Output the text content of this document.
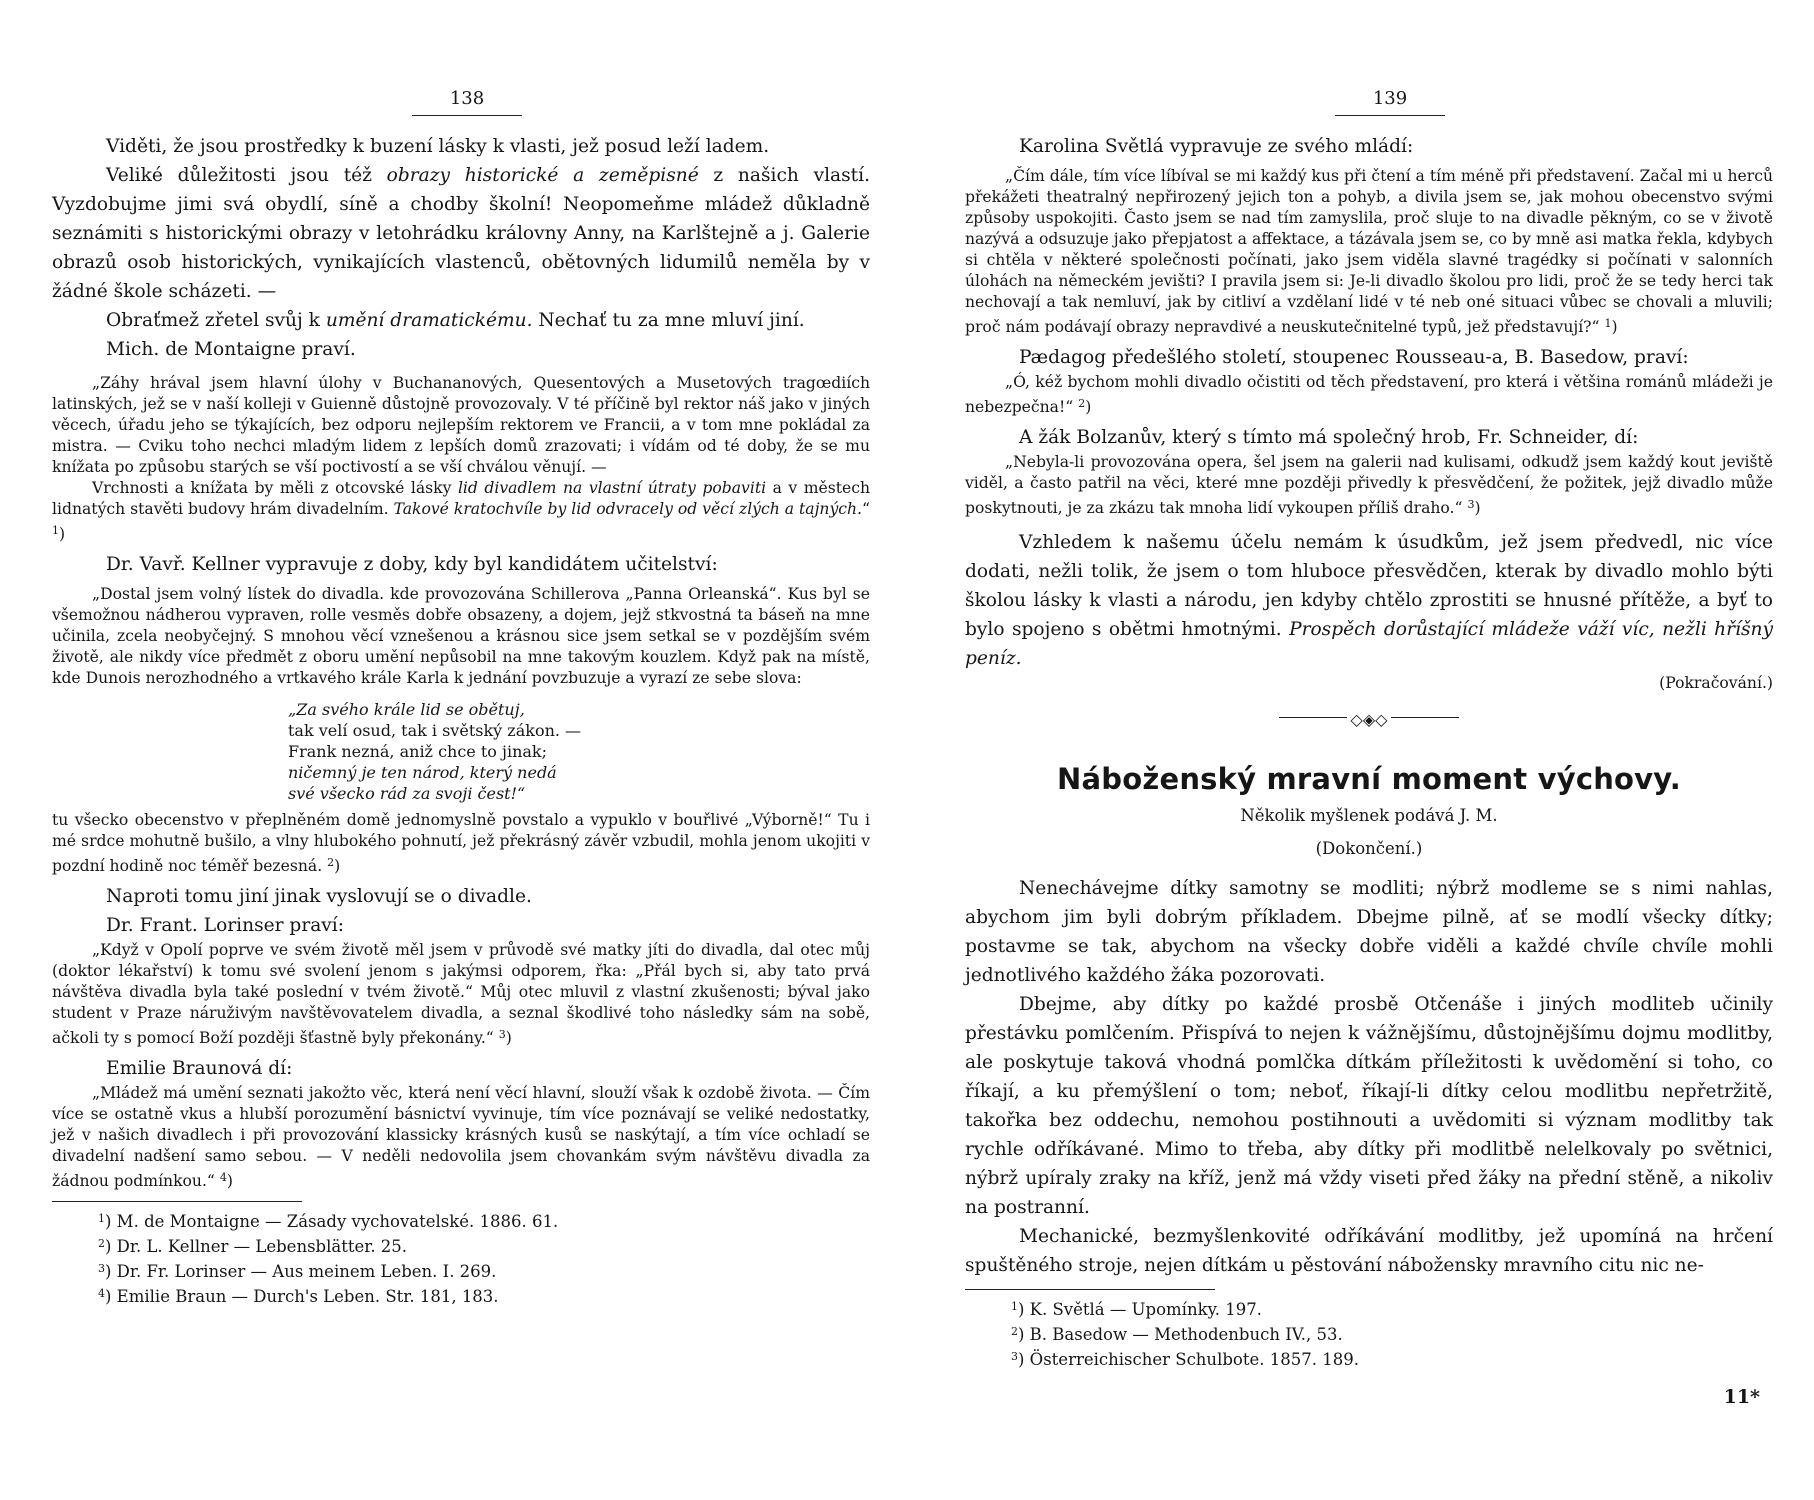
138

Viděti, že jsou prostředky k buzení lásky k vlasti, jež posud leží ladem.

Veliké důležitosti jsou též obrazy historické a zeměpisné z našich vlastí. Vyzdobujme jimi svá obydlí, síně a chodby školní! Neopomeňme mládež důkladně seznámiti s historickými obrazy v letohrádku královny Anny, na Karlštejně a j. Galerie obrazů osob historických, vynikajících vlastenců, obětovných lidumilů neměla by v žádné škole scházeti. —

Obraťmež zřetel svůj k umění dramatickému. Nechať tu za mne mluví jiní.

Mich. de Montaigne praví.

„Záhy hrával jsem hlavní úlohy v Buchananových, Quesentových a Musetových tragœdiích latinských, jež se v naší kolleji v Guienně důstojně provozovaly. V té příčině byl rektor náš jako v jiných věcech, úřadu jeho se týkajících, bez odporu nejlepším rektorem ve Francii, a v tom mne pokládal za mistra. — Cviku toho nechci mladým lidem z lepších domů zrazovati; i vídám od té doby, že se mu knížata po způsobu starých se vší poctivostí a se vší chválou věnují. —

Vrchnosti a knížata by měli z otcovské lásky lid divadlem na vlastní útraty pobaviti a v městech lidnatých stavěti budovy hrám divadelním. Takové kratochvíle by lid odvracely od věcí zlých a tajných.“ $^1$)

Dr. Vavř. Kellner vypravuje z doby, kdy byl kandidátem učitelství:

„Dostal jsem volný lístek do divadla. kde provozována Schillerova „Panna Orleanská“. Kus byl se všemožnou nádherou vypraven, rolle vesměs dobře obsazeny, a dojem, jejž stkvostná ta báseň na mne učinila, zcela neobyčejný. S mnohou věcí vznešenou a krásnou sice jsem setkal se v pozdějším svém životě, ale nikdy více předmět z oboru umění nepůsobil na mne takovým kouzlem. Když pak na místě, kde Dunois nerozhodného a vrtkavého krále Karla k jednání povzbuzuje a vyrazí ze sebe slova:

„Za svého krále lid se obětuj,
tak velí osud, tak i světský zákon. —
Frank nezná, aniž chce to jinak;
ničemný je ten národ, který nedá
své všecko rád za svoji čest!“

tu všecko obecenstvo v přeplněném domě jednomyslně povstalo a vypuklo v bouřlivé „Výborně!“ Tu i mé srdce mohutně bušilo, a vlny hlubokého pohnutí, jež překrásný závěr vzbudil, mohla jenom ukojiti v pozdní hodině noc téměř bezesná. $^2$)

Naproti tomu jiní jinak vyslovují se o divadle.

Dr. Frant. Lorinser praví:

„Když v Opolí poprve ve svém životě měl jsem v průvodě své matky jíti do divadla, dal otec můj (doktor lékařství) k tomu své svolení jenom s jakýmsi odporem, řka: „Přál bych si, aby tato prvá návštěva divadla byla také poslední v tvém životě.“ Můj otec mluvil z vlastní zkušenosti; býval jako student v Praze náruživým navštěvovatelem divadla, a seznal škodlivé toho následky sám na sobě, ačkoli ty s pomocí Boží později šťastně byly překonány.“ $^3$)

Emilie Braunová dí:

„Mládež má umění seznati jakožto věc, která není věcí hlavní, slouží však k ozdobě života. — Čím více se ostatně vkus a hlubší porozumění básnictví vyvinuje, tím více poznávají se veliké nedostatky, jež v našich divadlech i při provozování klassicky krásných kusů se naskýtají, a tím více ochladí se divadelní nadšení samo sebou. — V neděli nedovolila jsem chovankám svým návštěvu divadla za žádnou podmínkou.“ $^4$)

$^1$) M. de Montaigne — Zásady vychovatelské. 1886. 61.
$^2$) Dr. L. Kellner — Lebensblätter. 25.
$^3$) Dr. Fr. Lorinser — Aus meinem Leben. I. 269.
$^4$) Emilie Braun — Durch's Leben. Str. 181, 183.
139

Karolina Světlá vypravuje ze svého mládí:

„Čím dále, tím více líbíval se mi každý kus při čtení a tím méně při představení. Začal mi u herců překážeti theatralný nepřirozený jejich ton a pohyb, a divila jsem se, jak mohou obecenstvo svými způsoby uspokojiti. Často jsem se nad tím zamyslila, proč sluje to na divadle pěkným, co se v životě nazývá a odsuzuje jako přepjatost a affektace, a tázávala jsem se, co by mně asi matka řekla, kdybych si chtěla v některé společnosti počínati, jako jsem viděla slavné tragédky si počínati v salonních úlohách na německém jevišti? I pravila jsem si: Je-li divadlo školou pro lidi, proč že se tedy herci tak nechovají a tak nemluví, jak by citliví a vzdělaní lidé v té neb oné situaci vůbec se chovali a mluvili; proč nám podávají obrazy nepravdivé a neuskutečnitelné typů, jež představují?“ $^1$)

Pædagog předešlého století, stoupenec Rousseau-a, B. Basedow, praví:

„Ó, kéž bychom mohli divadlo očistiti od těch představení, pro která i většina románů mládeži je nebezpečna!“ $^2$)

A žák Bolzanův, který s tímto má společný hrob, Fr. Schneider, dí:

„Nebyla-li provozována opera, šel jsem na galerii nad kulisami, odkudž jsem každý kout jeviště viděl, a často patřil na věci, které mne později přivedly k přesvědčení, že požitek, jejž divadlo může poskytnouti, je za zkázu tak mnoha lidí vykoupen příliš draho.“ $^3$)

Vzhledem k našemu účelu nemám k úsudkům, jež jsem předvedl, nic více dodati, nežli tolik, že jsem o tom hluboce přesvědčen, kterak by divadlo mohlo býti školou lásky k vlasti a národu, jen kdyby chtělo zprostiti se hnusné přítěže, a byť to bylo spojeno s obětmi hmotnými. Prospěch dorůstající mládeže váží víc, nežli hříšný peníz.

(Pokračování.)
◇◈◇
Náboženský mravní moment výchovy.
Několik myšlenek podává J. M.
(Dokončení.)

Nenechávejme dítky samotny se modliti; nýbrž modleme se s nimi nahlas, abychom jim byli dobrým příkladem. Dbejme pilně, ať se modlí všecky dítky; postavme se tak, abychom na všecky dobře viděli a každé chvíle chvíle mohli jednotlivého každého žáka pozorovati.

Dbejme, aby dítky po každé prosbě Otčenáše i jiných modliteb učinily přestávku pomlčením. Přispívá to nejen k vážnějšímu, důstojnějšímu dojmu modlitby, ale poskytuje taková vhodná pomlčka dítkám příležitosti k uvědomění si toho, co říkají, a ku přemýšlení o tom; neboť, říkají-li dítky celou modlitbu nepřetržitě, takořka bez oddechu, nemohou postihnouti a uvědomiti si význam modlitby tak rychle odříkávané. Mimo to třeba, aby dítky při modlitbě nelelkovaly po světnici, nýbrž upíraly zraky na kříž, jenž má vždy viseti před žáky na přední stěně, a nikoliv na postranní.

Mechanické, bezmyšlenkovité odříkávání modlitby, jež upomíná na hrčení spuštěného stroje, nejen dítkám u pěstování nábožensky mravního citu nic ne-

$^1$) K. Světlá — Upomínky. 197.
$^2$) B. Basedow — Methodenbuch IV., 53.
$^3$) Österreichischer Schulbote. 1857. 189.
11*
